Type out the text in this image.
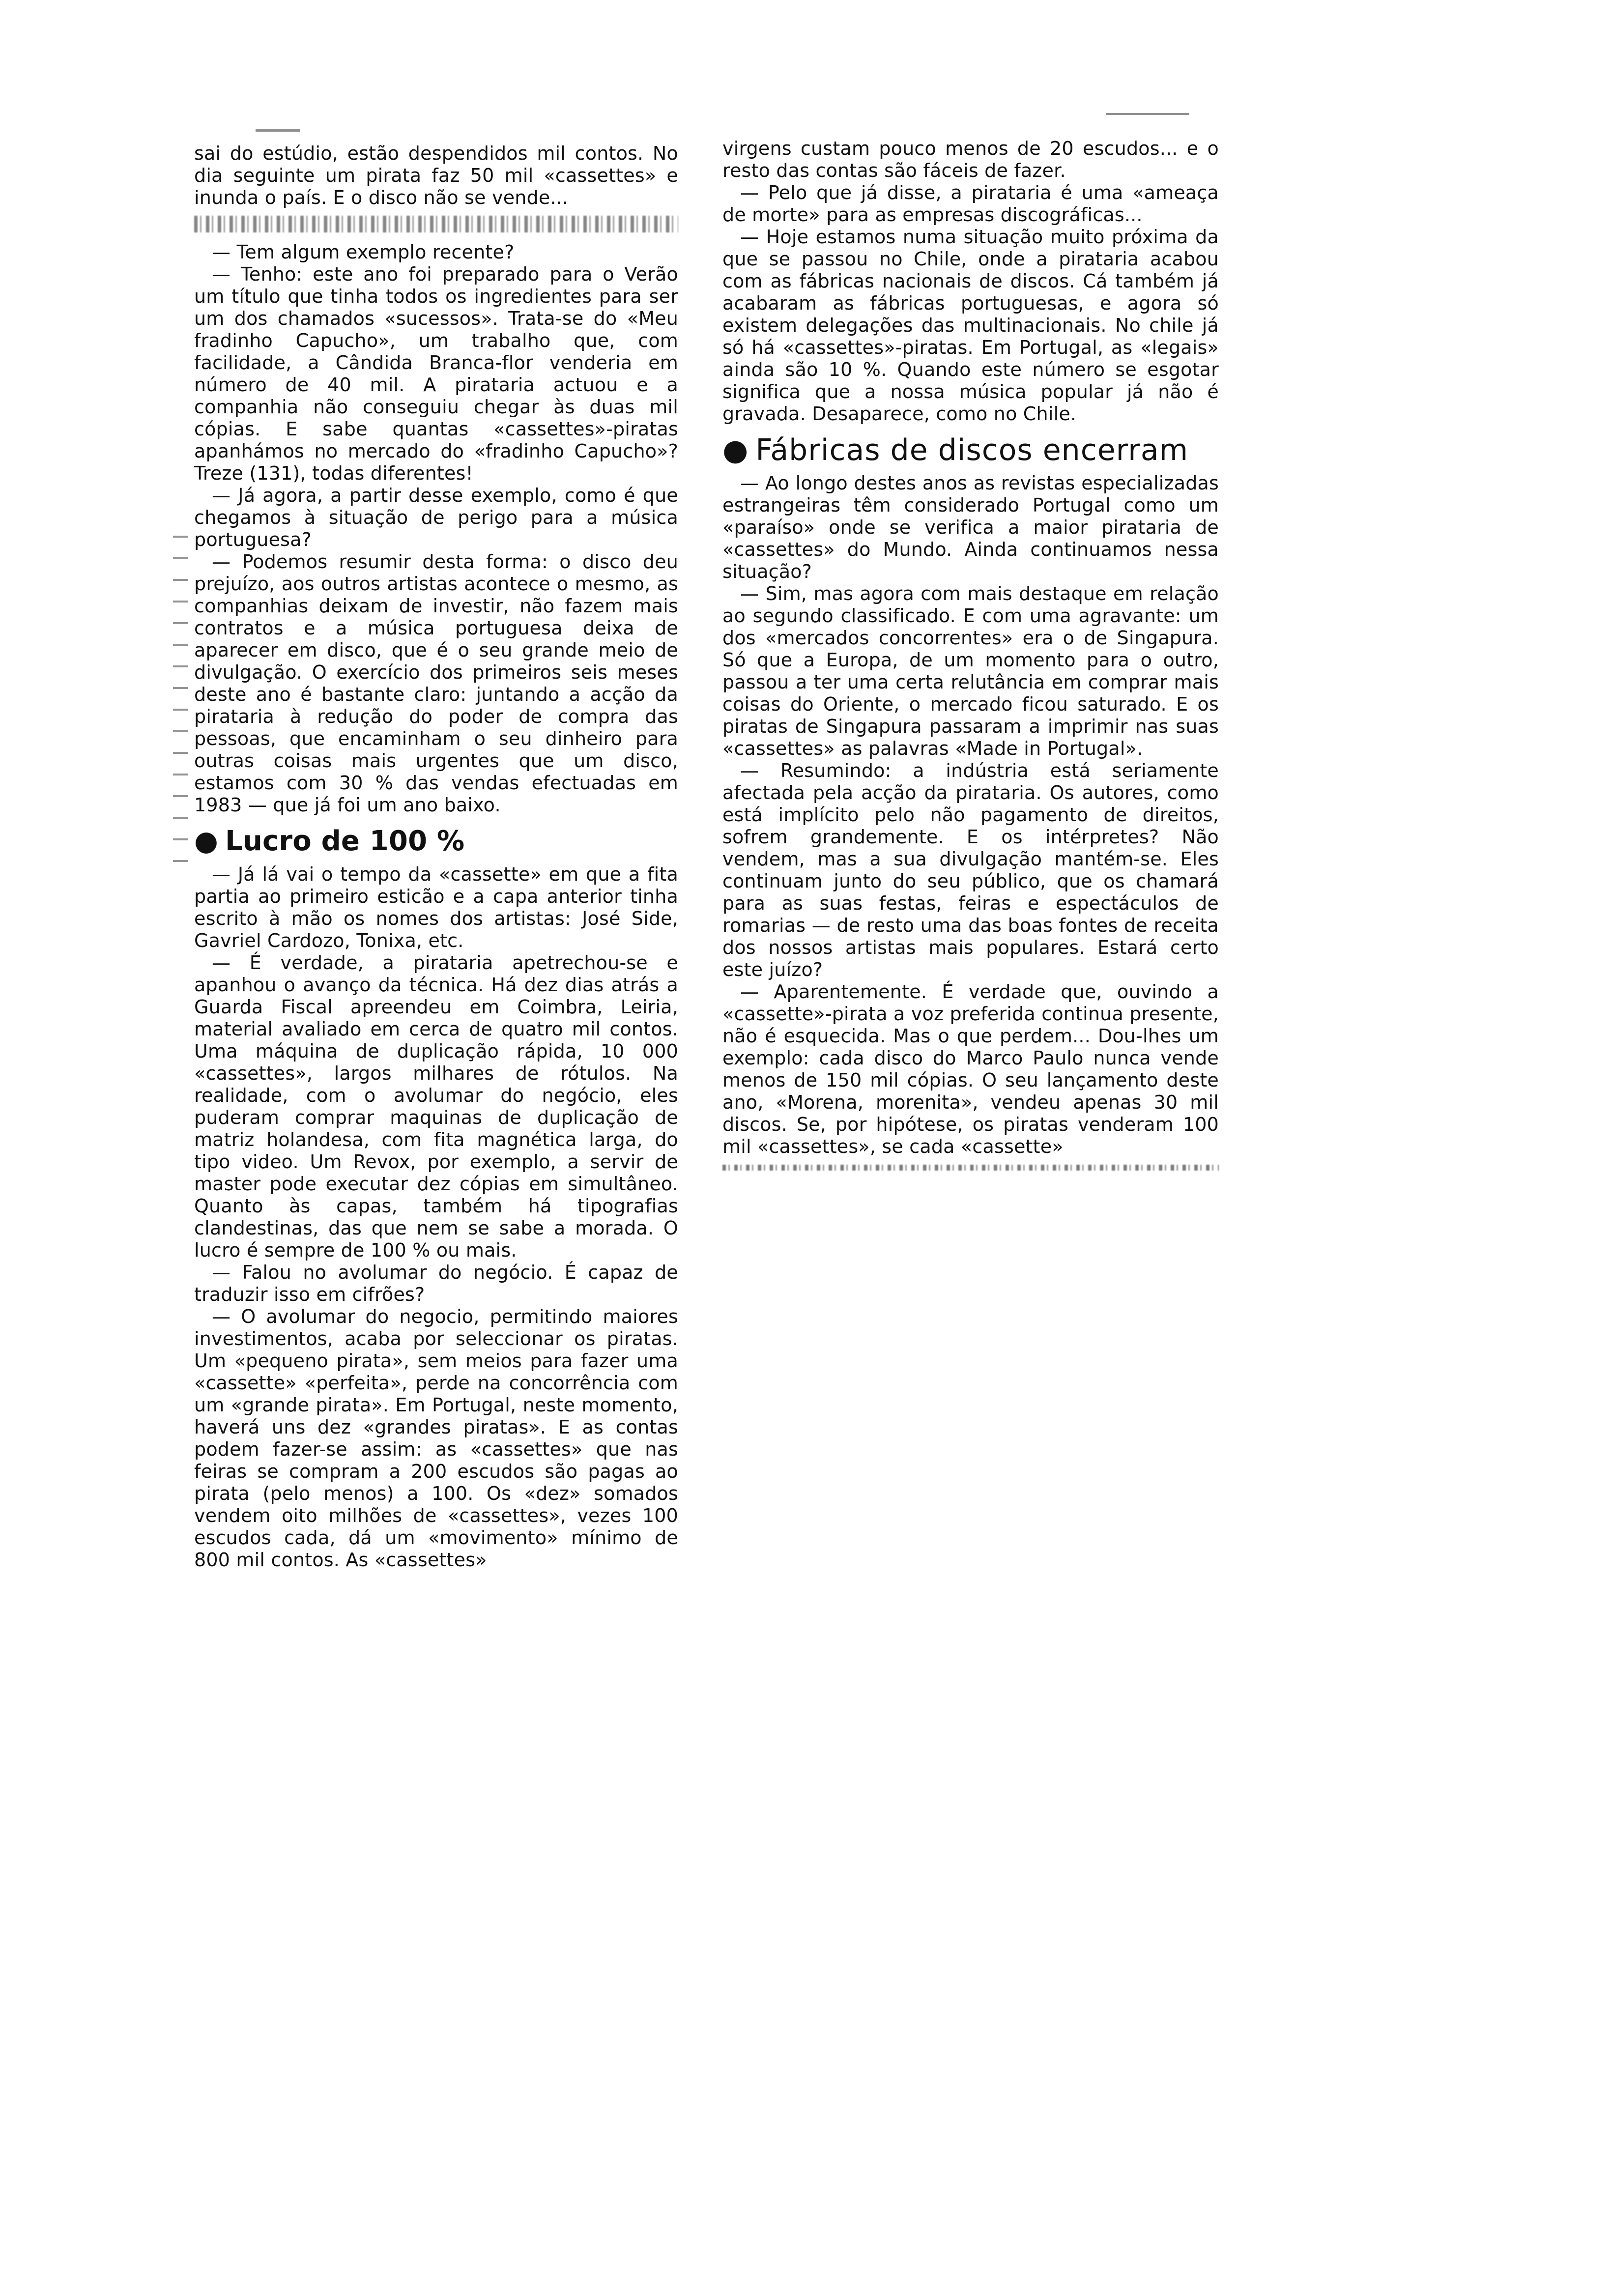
sai do estúdio, estão despendidos mil contos. No dia seguinte um pirata faz 50 mil «cassettes» e inunda o país. E o disco não se vende...

— Tem algum exemplo recente?

— Tenho: este ano foi preparado para o Verão um título que tinha todos os ingredientes para ser um dos chamados «sucessos». Trata-se do «Meu fradinho Capucho», um trabalho que, com facilidade, a Cândida Branca-flor venderia em número de 40 mil. A pirataria actuou e a companhia não conseguiu chegar às duas mil cópias. E sabe quantas «cassettes»-piratas apanhámos no mercado do «fradinho Capucho»? Treze (131), todas diferentes!

— Já agora, a partir desse exemplo, como é que chegamos à situação de perigo para a música portuguesa?

— Podemos resumir desta forma: o disco deu prejuízo, aos outros artistas acontece o mesmo, as companhias deixam de investir, não fazem mais contratos e a música portuguesa deixa de aparecer em disco, que é o seu grande meio de divulgação. O exercício dos primeiros seis meses deste ano é bastante claro: juntando a acção da pirataria à redução do poder de compra das pessoas, que encaminham o seu dinheiro para outras coisas mais urgentes que um disco, estamos com 30 % das vendas efectuadas em 1983 — que já foi um ano baixo.

● Lucro de 100 %

— Já lá vai o tempo da «cassette» em que a fita partia ao primeiro esticão e a capa anterior tinha escrito à mão os nomes dos artistas: José Side, Gavriel Cardozo, Tonixa, etc.

— É verdade, a pirataria apetrechou-se e apanhou o avanço da técnica. Há dez dias atrás a Guarda Fiscal apreendeu em Coimbra, Leiria, material avaliado em cerca de quatro mil contos. Uma máquina de duplicação rápida, 10 000 «cassettes», largos milhares de rótulos. Na realidade, com o avolumar do negócio, eles puderam comprar maquinas de duplicação de matriz holandesa, com fita magnética larga, do tipo video. Um Revox, por exemplo, a servir de master pode executar dez cópias em simultâneo. Quanto às capas, também há tipografias clandestinas, das que nem se sabe a morada. O lucro é sempre de 100 % ou mais.

— Falou no avolumar do negócio. É capaz de traduzir isso em cifrões?

— O avolumar do negocio, permitindo maiores investimentos, acaba por seleccionar os piratas. Um «pequeno pirata», sem meios para fazer uma «cassette» «perfeita», perde na concorrência com um «grande pirata». Em Portugal, neste momento, haverá uns dez «grandes piratas». E as contas podem fazer-se assim: as «cassettes» que nas feiras se compram a 200 escudos são pagas ao pirata (pelo menos) a 100. Os «dez» somados vendem oito milhões de «cassettes», vezes 100 escudos cada, dá um «movimento» mínimo de 800 mil contos. As «cassettes»

virgens custam pouco menos de 20 escudos... e o resto das contas são fáceis de fazer.

— Pelo que já disse, a pirataria é uma «ameaça de morte» para as empresas discográficas...

— Hoje estamos numa situação muito próxima da que se passou no Chile, onde a pirataria acabou com as fábricas nacionais de discos. Cá também já acabaram as fábricas portuguesas, e agora só existem delegações das multinacionais. No chile já só há «cassettes»-piratas. Em Portugal, as «legais» ainda são 10 %. Quando este número se esgotar significa que a nossa música popular já não é gravada. Desaparece, como no Chile.

● Fábricas de discos encerram

— Ao longo destes anos as revistas especializadas estrangeiras têm considerado Portugal como um «paraíso» onde se verifica a maior pirataria de «cassettes» do Mundo. Ainda continuamos nessa situação?

— Sim, mas agora com mais destaque em relação ao segundo classificado. E com uma agravante: um dos «mercados concorrentes» era o de Singapura. Só que a Europa, de um momento para o outro, passou a ter uma certa relutância em comprar mais coisas do Oriente, o mercado ficou saturado. E os piratas de Singapura passaram a imprimir nas suas «cassettes» as palavras «Made in Portugal».

— Resumindo: a indústria está seriamente afectada pela acção da pirataria. Os autores, como está implícito pelo não pagamento de direitos, sofrem grandemente. E os intérpretes? Não vendem, mas a sua divulgação mantém-se. Eles continuam junto do seu público, que os chamará para as suas festas, feiras e espectáculos de romarias — de resto uma das boas fontes de receita dos nossos artistas mais populares. Estará certo este juízo?

— Aparentemente. É verdade que, ouvindo a «cassette»-pirata a voz preferida continua presente, não é esquecida. Mas o que perdem... Dou-lhes um exemplo: cada disco do Marco Paulo nunca vende menos de 150 mil cópias. O seu lançamento deste ano, «Morena, morenita», vendeu apenas 30 mil discos. Se, por hipótese, os piratas venderam 100 mil «cassettes», se cada «cassette»
